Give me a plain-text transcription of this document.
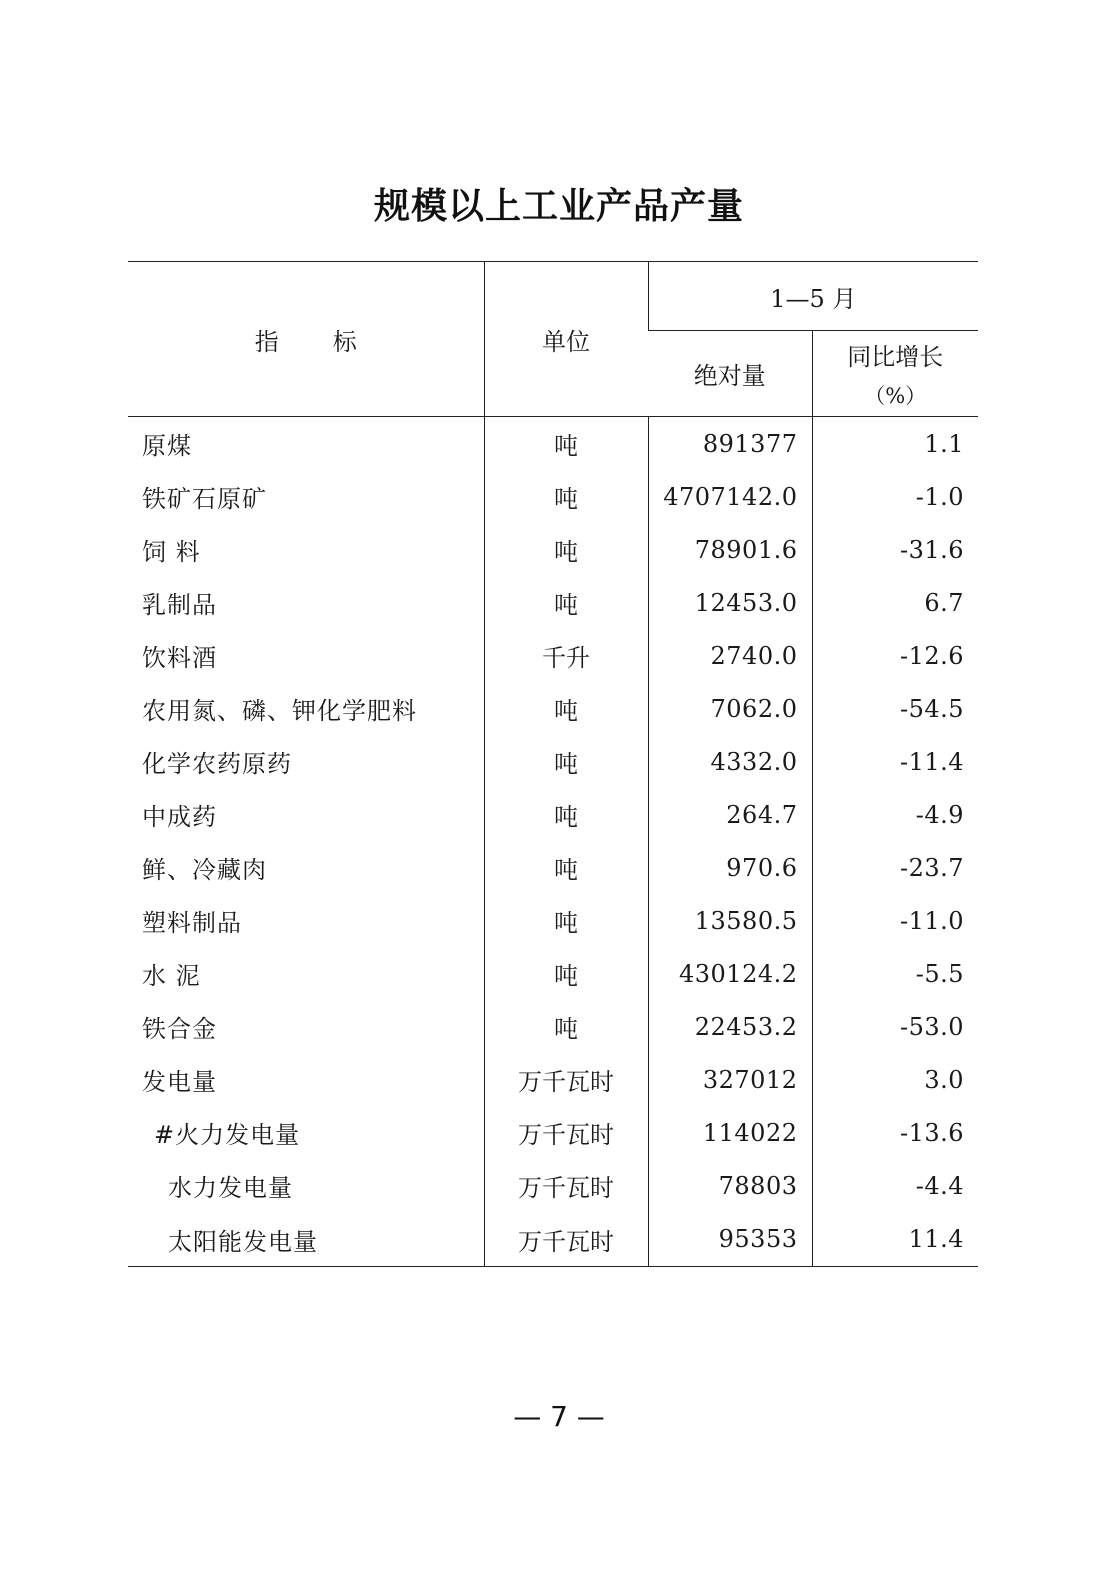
规模以上工业产品产量
指 标	单位	1—5 月	
		绝对量	同比增长
（%）

原煤	吨	891377	1.1
铁矿石原矿	吨	4707142.0	-1.0
饲 料	吨	78901.6	-31.6
乳制品	吨	12453.0	6.7
饮料酒	千升	2740.0	-12.6
农用氮、磷、钾化学肥料	吨	7062.0	-54.5
化学农药原药	吨	4332.0	-11.4
中成药	吨	264.7	-4.9
鲜、冷藏肉	吨	970.6	-23.7
塑料制品	吨	13580.5	-11.0
水 泥	吨	430124.2	-5.5
铁合金	吨	22453.2	-53.0
发电量	万千瓦时	327012	3.0
#火力发电量	万千瓦时	114022	-13.6
水力发电量	万千瓦时	78803	-4.4
太阳能发电量	万千瓦时	95353	11.4
— 7 —
